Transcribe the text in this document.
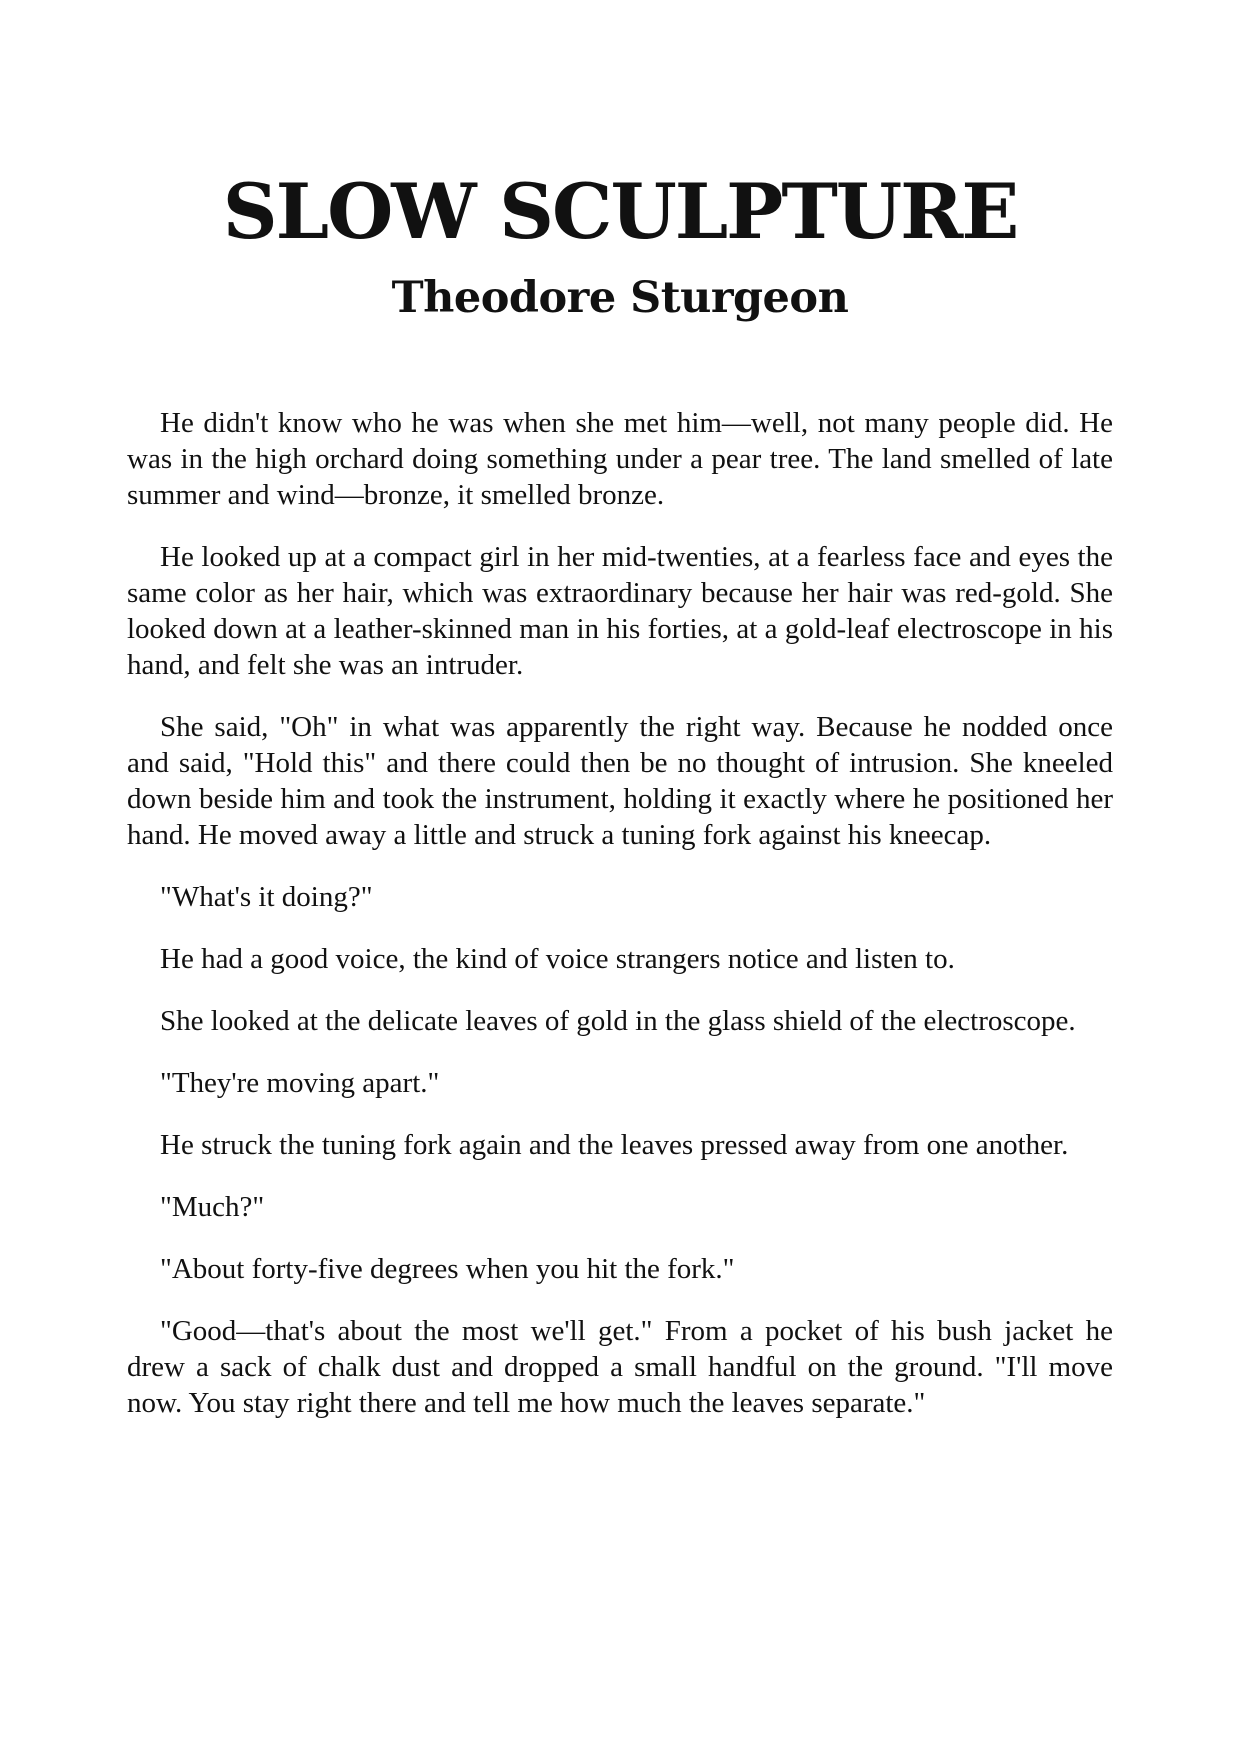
SLOW SCULPTURE
Theodore Sturgeon

He didn't know who he was when she met him—well, not many people did. He was in the high orchard doing something under a pear tree. The land smelled of late summer and wind—bronze, it smelled bronze.

He looked up at a compact girl in her mid-twenties, at a fearless face and eyes the same color as her hair, which was extraordinary because her hair was red-gold. She looked down at a leather-skinned man in his forties, at a gold-leaf electroscope in his hand, and felt she was an intruder.

She said, "Oh" in what was apparently the right way. Because he nodded once and said, "Hold this" and there could then be no thought of intrusion. She kneeled down beside him and took the instrument, holding it exactly where he positioned her hand. He moved away a little and struck a tuning fork against his kneecap.

"What's it doing?"

He had a good voice, the kind of voice strangers notice and listen to.

She looked at the delicate leaves of gold in the glass shield of the electroscope.

"They're moving apart."

He struck the tuning fork again and the leaves pressed away from one another.

"Much?"

"About forty-five degrees when you hit the fork."

"Good—that's about the most we'll get." From a pocket of his bush jacket he drew a sack of chalk dust and dropped a small handful on the ground. "I'll move now. You stay right there and tell me how much the leaves separate."
